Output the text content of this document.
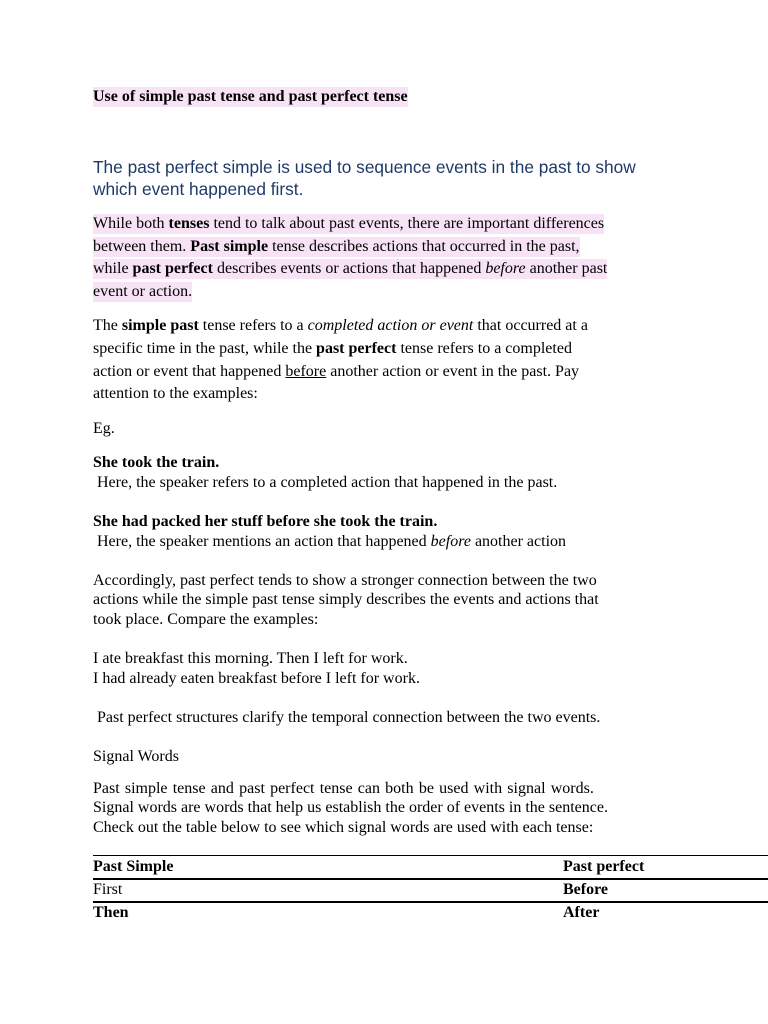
Use of simple past tense and past perfect tense
The past perfect simple is used to sequence events in the past to show
which event happened first.
While both tenses tend to talk about past events, there are important differences
between them. Past simple tense describes actions that occurred in the past,
while past perfect describes events or actions that happened before another past
event or action.
The simple past tense refers to a completed action or event that occurred at a
specific time in the past, while the past perfect tense refers to a completed
action or event that happened before another action or event in the past. Pay
attention to the examples:
Eg.
She took the train.
Here, the speaker refers to a completed action that happened in the past.
She had packed her stuff before she took the train.
Here, the speaker mentions an action that happened before another action
Accordingly, past perfect tends to show a stronger connection between the two
actions while the simple past tense simply describes the events and actions that
took place. Compare the examples:
I ate breakfast this morning. Then I left for work.
I had already eaten breakfast before I left for work.
Past perfect structures clarify the temporal connection between the two events.
Signal Words
Past simple tense and past perfect tense can both be used with signal words.
Signal words are words that help us establish the order of events in the sentence.
Check out the table below to see which signal words are used with each tense:
Past Simple	Past perfect
First	Before
Then	After
